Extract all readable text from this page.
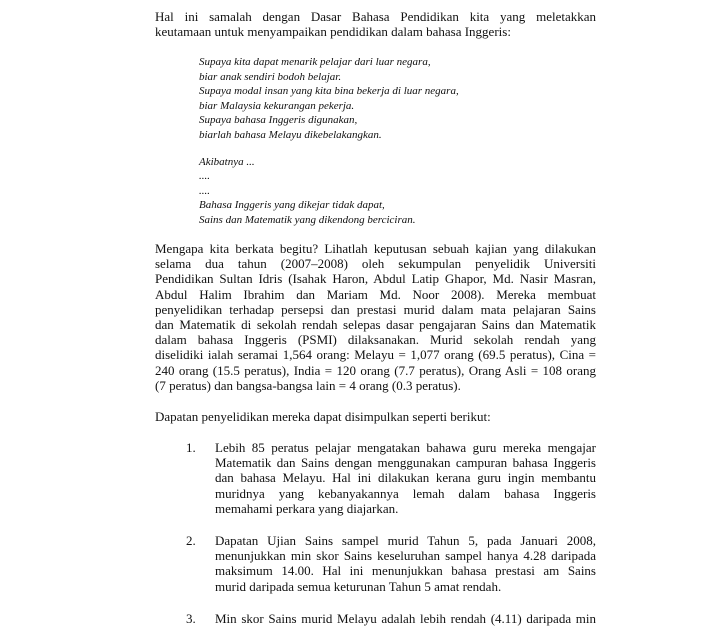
Hal ini samalah dengan Dasar Bahasa Pendidikan kita yang meletakkan
keutamaan untuk menyampaikan pendidikan dalam bahasa Inggeris:
Supaya kita dapat menarik pelajar dari luar negara,
biar anak sendiri bodoh belajar.
Supaya modal insan yang kita bina bekerja di luar negara,
biar Malaysia kekurangan pekerja.
Supaya bahasa Inggeris digunakan,
biarlah bahasa Melayu dikebelakangkan.
Akibatnya ...
....
....
Bahasa Inggeris yang dikejar tidak dapat,
Sains dan Matematik yang dikendong berciciran.
Mengapa kita berkata begitu? Lihatlah keputusan sebuah kajian yang dilakukan
selama dua tahun (2007–2008) oleh sekumpulan penyelidik Universiti
Pendidikan Sultan Idris (Isahak Haron, Abdul Latip Ghapor, Md. Nasir Masran,
Abdul Halim Ibrahim dan Mariam Md. Noor 2008). Mereka membuat
penyelidikan terhadap persepsi dan prestasi murid dalam mata pelajaran Sains
dan Matematik di sekolah rendah selepas dasar pengajaran Sains dan Matematik
dalam bahasa Inggeris (PSMI) dilaksanakan. Murid sekolah rendah yang
diselidiki ialah seramai 1,564 orang: Melayu = 1,077 orang (69.5 peratus), Cina =
240 orang (15.5 peratus), India = 120 orang (7.7 peratus), Orang Asli = 108 orang
(7 peratus) dan bangsa-bangsa lain = 4 orang (0.3 peratus).
Dapatan penyelidikan mereka dapat disimpulkan seperti berikut:
1. Lebih 85 peratus pelajar mengatakan bahawa guru mereka mengajar
Matematik dan Sains dengan menggunakan campuran bahasa Inggeris
dan bahasa Melayu. Hal ini dilakukan kerana guru ingin membantu
muridnya yang kebanyakannya lemah dalam bahasa Inggeris
memahami perkara yang diajarkan.
2. Dapatan Ujian Sains sampel murid Tahun 5, pada Januari 2008,
menunjukkan min skor Sains keseluruhan sampel hanya 4.28 daripada
maksimum 14.00. Hal ini menunjukkan bahasa prestasi am Sains
murid daripada semua keturunan Tahun 5 amat rendah.
3. Min skor Sains murid Melayu adalah lebih rendah (4.11) daripada min
